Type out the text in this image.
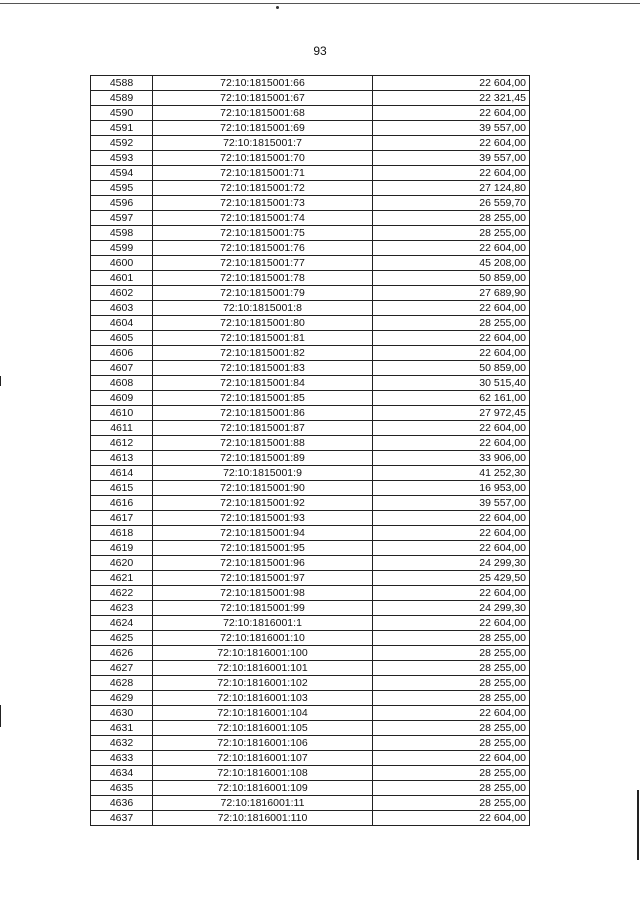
93
4588	72:10:1815001:66	22 604,00
4589	72:10:1815001:67	22 321,45
4590	72:10:1815001:68	22 604,00
4591	72:10:1815001:69	39 557,00
4592	72:10:1815001:7	22 604,00
4593	72:10:1815001:70	39 557,00
4594	72:10:1815001:71	22 604,00
4595	72:10:1815001:72	27 124,80
4596	72:10:1815001:73	26 559,70
4597	72:10:1815001:74	28 255,00
4598	72:10:1815001:75	28 255,00
4599	72:10:1815001:76	22 604,00
4600	72:10:1815001:77	45 208,00
4601	72:10:1815001:78	50 859,00
4602	72:10:1815001:79	27 689,90
4603	72:10:1815001:8	22 604,00
4604	72:10:1815001:80	28 255,00
4605	72:10:1815001:81	22 604,00
4606	72:10:1815001:82	22 604,00
4607	72:10:1815001:83	50 859,00
4608	72:10:1815001:84	30 515,40
4609	72:10:1815001:85	62 161,00
4610	72:10:1815001:86	27 972,45
4611	72:10:1815001:87	22 604,00
4612	72:10:1815001:88	22 604,00
4613	72:10:1815001:89	33 906,00
4614	72:10:1815001:9	41 252,30
4615	72:10:1815001:90	16 953,00
4616	72:10:1815001:92	39 557,00
4617	72:10:1815001:93	22 604,00
4618	72:10:1815001:94	22 604,00
4619	72:10:1815001:95	22 604,00
4620	72:10:1815001:96	24 299,30
4621	72:10:1815001:97	25 429,50
4622	72:10:1815001:98	22 604,00
4623	72:10:1815001:99	24 299,30
4624	72:10:1816001:1	22 604,00
4625	72:10:1816001:10	28 255,00
4626	72:10:1816001:100	28 255,00
4627	72:10:1816001:101	28 255,00
4628	72:10:1816001:102	28 255,00
4629	72:10:1816001:103	28 255,00
4630	72:10:1816001:104	22 604,00
4631	72:10:1816001:105	28 255,00
4632	72:10:1816001:106	28 255,00
4633	72:10:1816001:107	22 604,00
4634	72:10:1816001:108	28 255,00
4635	72:10:1816001:109	28 255,00
4636	72:10:1816001:11	28 255,00
4637	72:10:1816001:110	22 604,00
